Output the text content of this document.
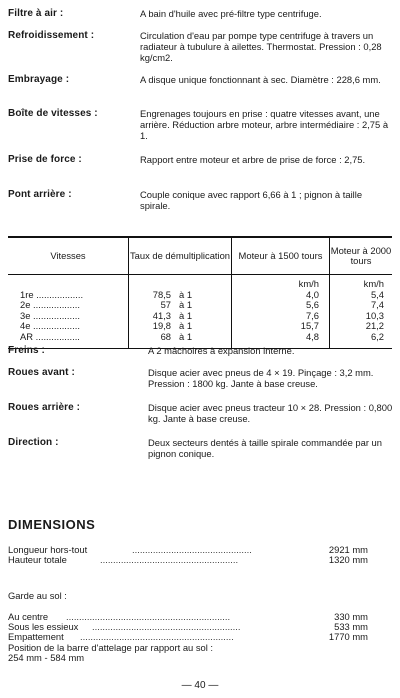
Filtre à air :	A bain d'huile avec pré-filtre type centrifuge.
Refroidissement :	Circulation d'eau par pompe type centrifuge à travers un radiateur à tubulure à ailettes. Thermostat. Pression : 0,28 kg/cm2.
Embrayage :	A disque unique fonctionnant à sec. Diamètre : 228,6 mm.
Boîte de vitesses :	Engrenages toujours en prise : quatre vitesses avant, une arrière. Réduction arbre moteur, arbre intermédiaire : 2,75 à 1.
Prise de force :	Rapport entre moteur et arbre de prise de force : 2,75.
Pont arrière :	Couple conique avec rapport 6,66 à 1 ; pignon à taille spirale.
Vitesses	Taux de démultiplication	Moteur à 1500 tours	Moteur à 2000 tours
		km/h	km/h
1re ..................	78,5 à 1	4,0	5,4
2e ..................	57 à 1	5,6	7,4
3e ..................	41,3 à 1	7,6	10,3
4e ..................	19,8 à 1	15,7	21,2
AR .................	68 à 1	4,8	6,2
Freins :	A 2 mâchoires à expansion interne.
Roues avant :	Disque acier avec pneus de 4 × 19. Pinçage : 3,2 mm. Pression : 1800 kg. Jante à base creuse.
Roues arrière :	Disque acier avec pneus tracteur 10 × 28. Pression : 0,800 kg. Jante à base creuse.
Direction :	Deux secteurs dentés à taille spirale commandée par un pignon conique.
DIMENSIONS
..............................................
Longueur hors-tout	2921 mm
.....................................................
Hauteur totale	1320 mm
Garde au sol :
...............................................................
Au centre	330 mm
.........................................................
Sous les essieux	533 mm
...........................................................
Empattement	1770 mm
Position de la barre d'attelage par rapport au sol :
254 mm - 584 mm
— 40 —
